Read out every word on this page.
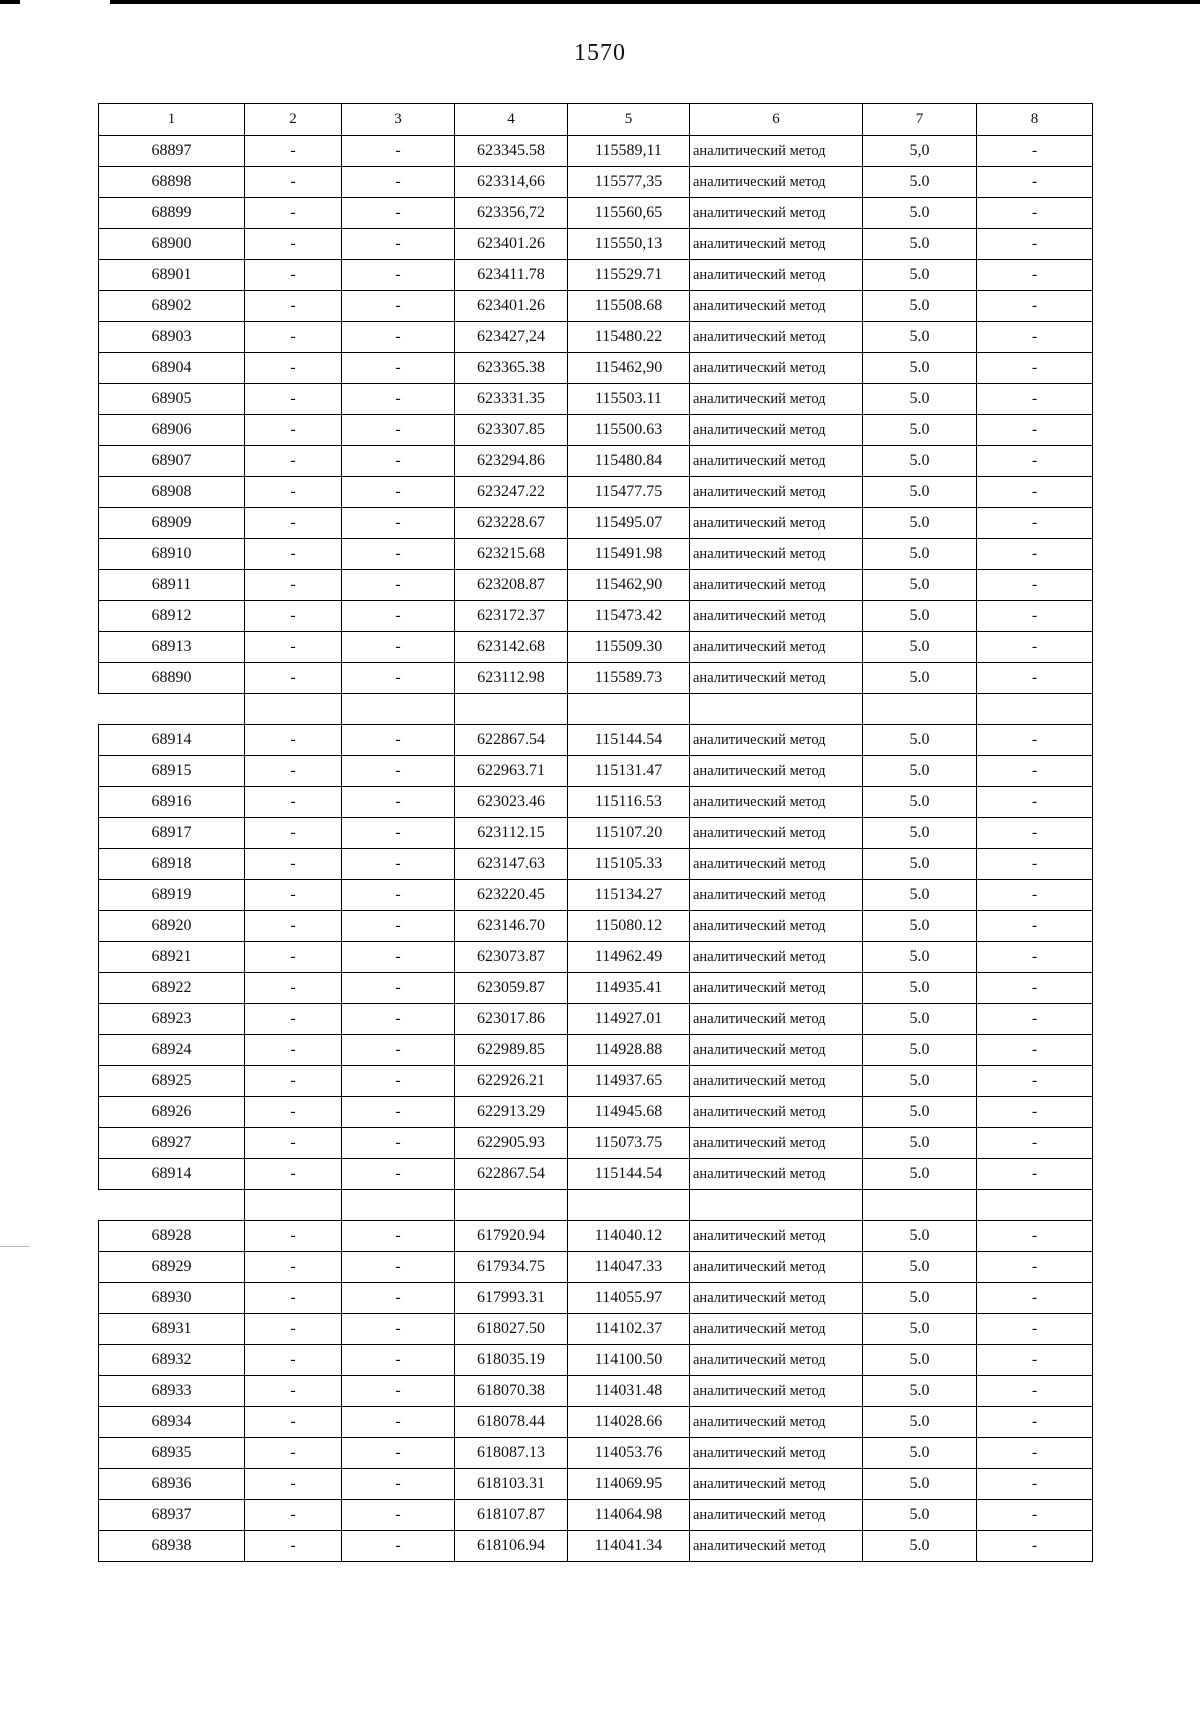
1570
1	2	3	4	5	6	7	8
68897	-	-	623345.58	115589,11	аналитический метод	5,0	-
68898	-	-	623314,66	115577,35	аналитический метод	5.0	-
68899	-	-	623356,72	115560,65	аналитический метод	5.0	-
68900	-	-	623401.26	115550,13	аналитический метод	5.0	-
68901	-	-	623411.78	115529.71	аналитический метод	5.0	-
68902	-	-	623401.26	115508.68	аналитический метод	5.0	-
68903	-	-	623427,24	115480.22	аналитический метод	5.0	-
68904	-	-	623365.38	115462,90	аналитический метод	5.0	-
68905	-	-	623331.35	115503.11	аналитический метод	5.0	-
68906	-	-	623307.85	115500.63	аналитический метод	5.0	-
68907	-	-	623294.86	115480.84	аналитический метод	5.0	-
68908	-	-	623247.22	115477.75	аналитический метод	5.0	-
68909	-	-	623228.67	115495.07	аналитический метод	5.0	-
68910	-	-	623215.68	115491.98	аналитический метод	5.0	-
68911	-	-	623208.87	115462,90	аналитический метод	5.0	-
68912	-	-	623172.37	115473.42	аналитический метод	5.0	-
68913	-	-	623142.68	115509.30	аналитический метод	5.0	-
68890	-	-	623112.98	115589.73	аналитический метод	5.0	-

68914	-	-	622867.54	115144.54	аналитический метод	5.0	-
68915	-	-	622963.71	115131.47	аналитический метод	5.0	-
68916	-	-	623023.46	115116.53	аналитический метод	5.0	-
68917	-	-	623112.15	115107.20	аналитический метод	5.0	-
68918	-	-	623147.63	115105.33	аналитический метод	5.0	-
68919	-	-	623220.45	115134.27	аналитический метод	5.0	-
68920	-	-	623146.70	115080.12	аналитический метод	5.0	-
68921	-	-	623073.87	114962.49	аналитический метод	5.0	-
68922	-	-	623059.87	114935.41	аналитический метод	5.0	-
68923	-	-	623017.86	114927.01	аналитический метод	5.0	-
68924	-	-	622989.85	114928.88	аналитический метод	5.0	-
68925	-	-	622926.21	114937.65	аналитический метод	5.0	-
68926	-	-	622913.29	114945.68	аналитический метод	5.0	-
68927	-	-	622905.93	115073.75	аналитический метод	5.0	-
68914	-	-	622867.54	115144.54	аналитический метод	5.0	-

68928	-	-	617920.94	114040.12	аналитический метод	5.0	-
68929	-	-	617934.75	114047.33	аналитический метод	5.0	-
68930	-	-	617993.31	114055.97	аналитический метод	5.0	-
68931	-	-	618027.50	114102.37	аналитический метод	5.0	-
68932	-	-	618035.19	114100.50	аналитический метод	5.0	-
68933	-	-	618070.38	114031.48	аналитический метод	5.0	-
68934	-	-	618078.44	114028.66	аналитический метод	5.0	-
68935	-	-	618087.13	114053.76	аналитический метод	5.0	-
68936	-	-	618103.31	114069.95	аналитический метод	5.0	-
68937	-	-	618107.87	114064.98	аналитический метод	5.0	-
68938	-	-	618106.94	114041.34	аналитический метод	5.0	-
